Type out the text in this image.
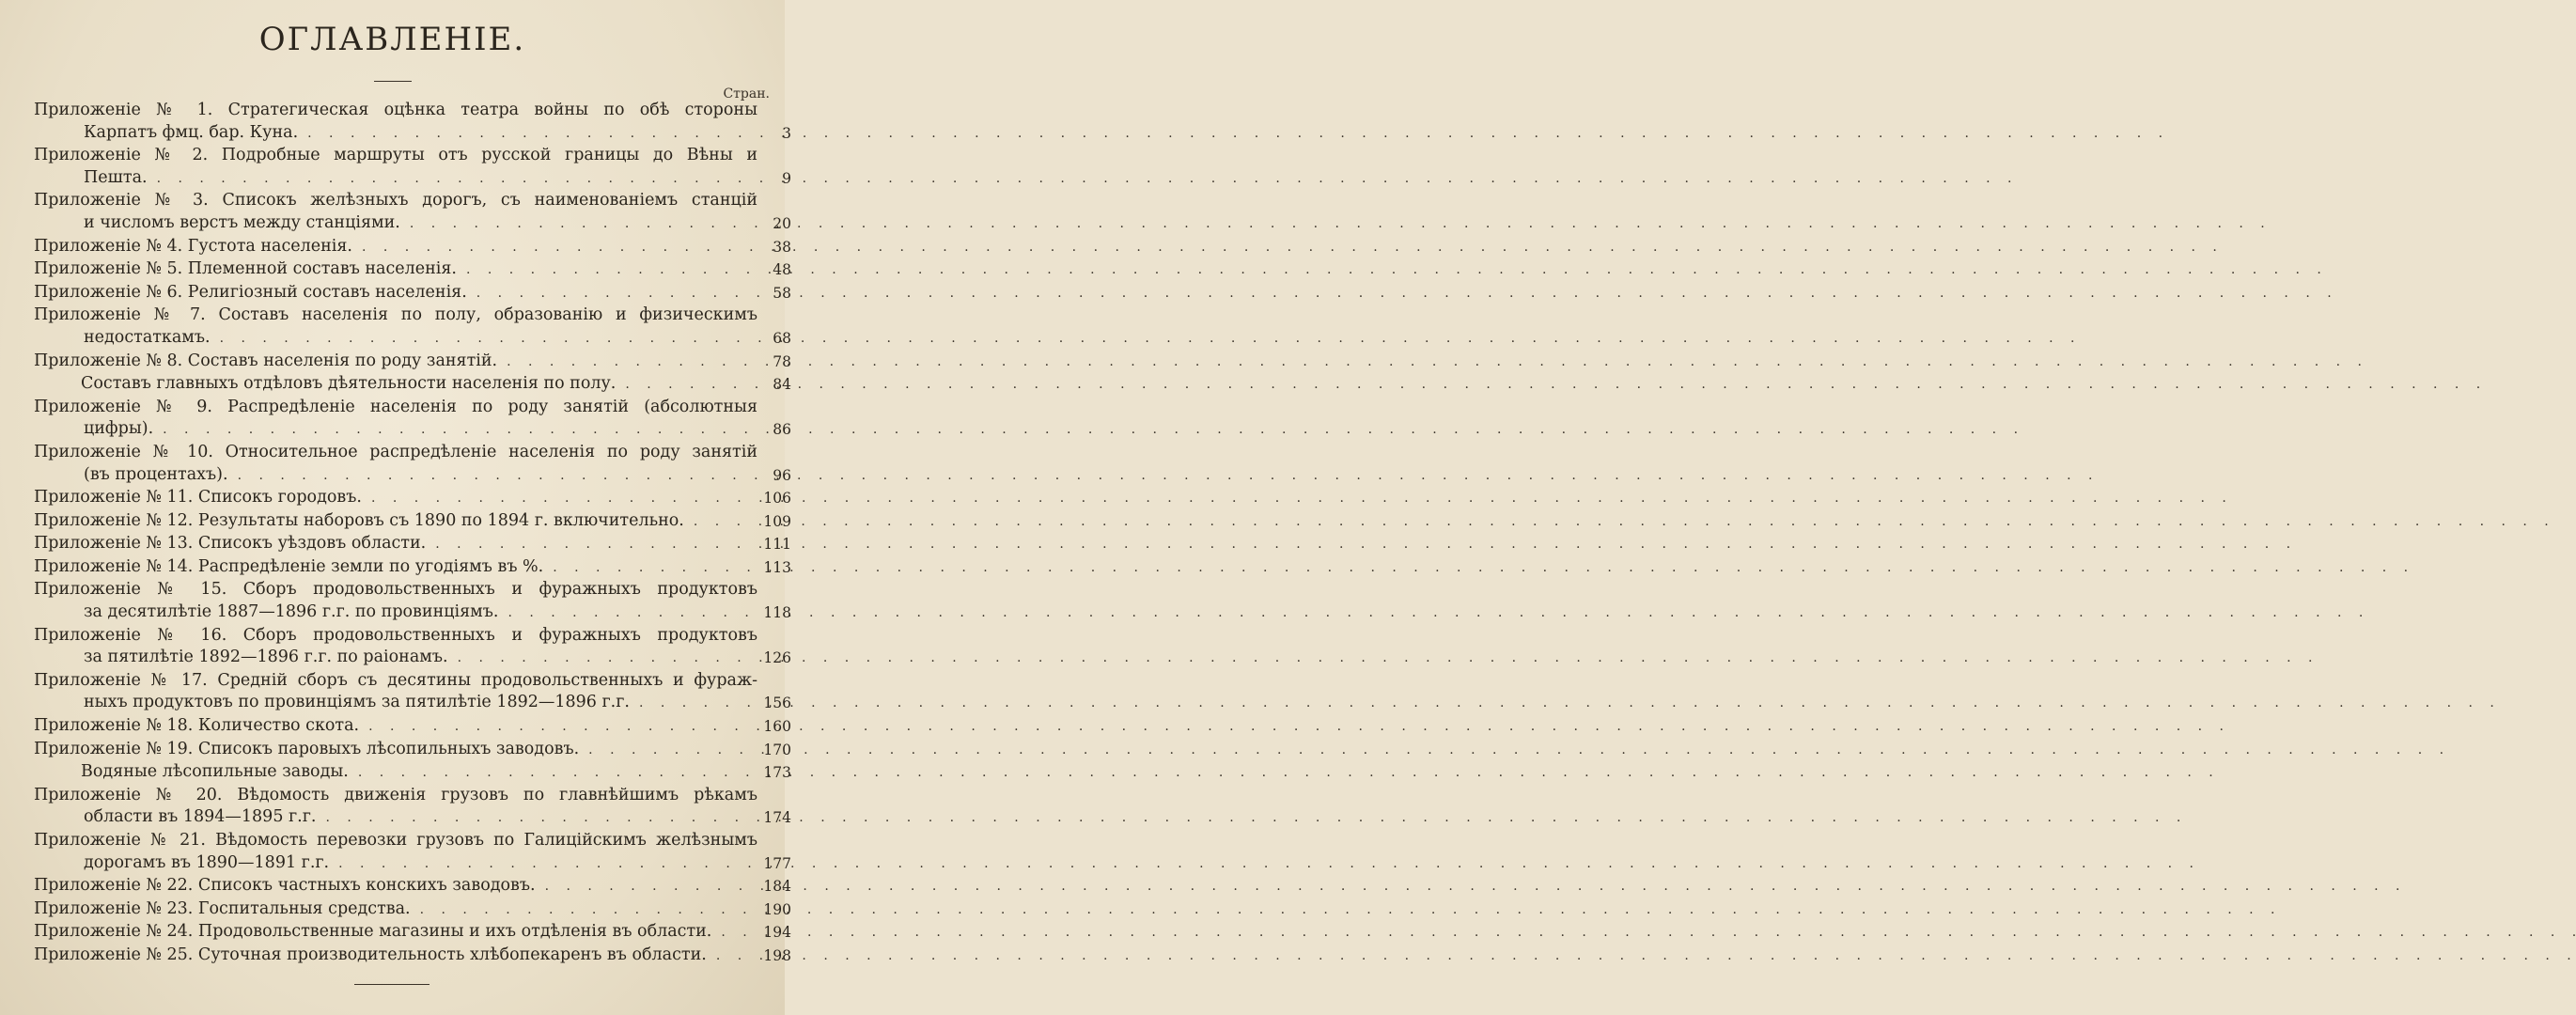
ОГЛАВЛЕНІЕ.
Стран.
Приложеніе № 1. Стратегическая оцѣнка театра войны по обѣ стороны
Карпатъ фмц. бар. Куна. . . .	3
Приложеніе № 2. Подробные маршруты отъ русской границы до Вѣны и
Пешта. . . .	9
Приложеніе № 3. Списокъ желѣзныхъ дорогъ, съ наименованіемъ станцій
и числомъ верстъ между станціями. . . .	20
Приложеніе № 4. Густота населенія. . . .	38
Приложеніе № 5. Племенной составъ населенія. . . .	48
Приложеніе № 6. Религіозный составъ населенія. . . .	58
Приложеніе № 7. Составъ населенія по полу, образованію и физическимъ
недостаткамъ. . . .	68
Приложеніе № 8. Составъ населенія по роду занятій. . . .	78
Составъ главныхъ отдѣловъ дѣятельности населенія по полу. . . .	84
Приложеніе № 9. Распредѣленіе населенія по роду занятій (абсолютныя
цифры). . . .	86
Приложеніе № 10. Относительное распредѣленіе населенія по роду занятій
(въ процентахъ). . . .	96
Приложеніе № 11. Списокъ городовъ. . . .	106
Приложеніе № 12. Результаты наборовъ съ 1890 по 1894 г. включительно. . . .	109
Приложеніе № 13. Списокъ уѣздовъ области. . . .	111
Приложеніе № 14. Распредѣленіе земли по угодіямъ въ %. . . .	113
Приложеніе № 15. Сборъ продовольственныхъ и фуражныхъ продуктовъ
за десятилѣтіе 1887—1896 г.г. по провинціямъ. . . .	118
Приложеніе № 16. Сборъ продовольственныхъ и фуражныхъ продуктовъ
за пятилѣтіе 1892—1896 г.г. по раіонамъ. . . .	126
Приложеніе № 17. Средній сборъ съ десятины продовольственныхъ и фураж-
ныхъ продуктовъ по провинціямъ за пятилѣтіе 1892—1896 г.г. . . .	156
Приложеніе № 18. Количество скота. . . .	160
Приложеніе № 19. Списокъ паровыхъ лѣсопильныхъ заводовъ. . . .	170
Водяные лѣсопильные заводы. . . .	173
Приложеніе № 20. Вѣдомость движенія грузовъ по главнѣйшимъ рѣкамъ
области въ 1894—1895 г.г. . . .	174
Приложеніе № 21. Вѣдомость перевозки грузовъ по Галиційскимъ желѣзнымъ
дорогамъ въ 1890—1891 г.г. . . .	177
Приложеніе № 22. Списокъ частныхъ конскихъ заводовъ. . . .	184
Приложеніе № 23. Госпитальныя средства. . . .	190
Приложеніе № 24. Продовольственные магазины и ихъ отдѣленія въ области. . . .	194
Приложеніе № 25. Суточная производительность хлѣбопекаренъ въ области. . . .	198
